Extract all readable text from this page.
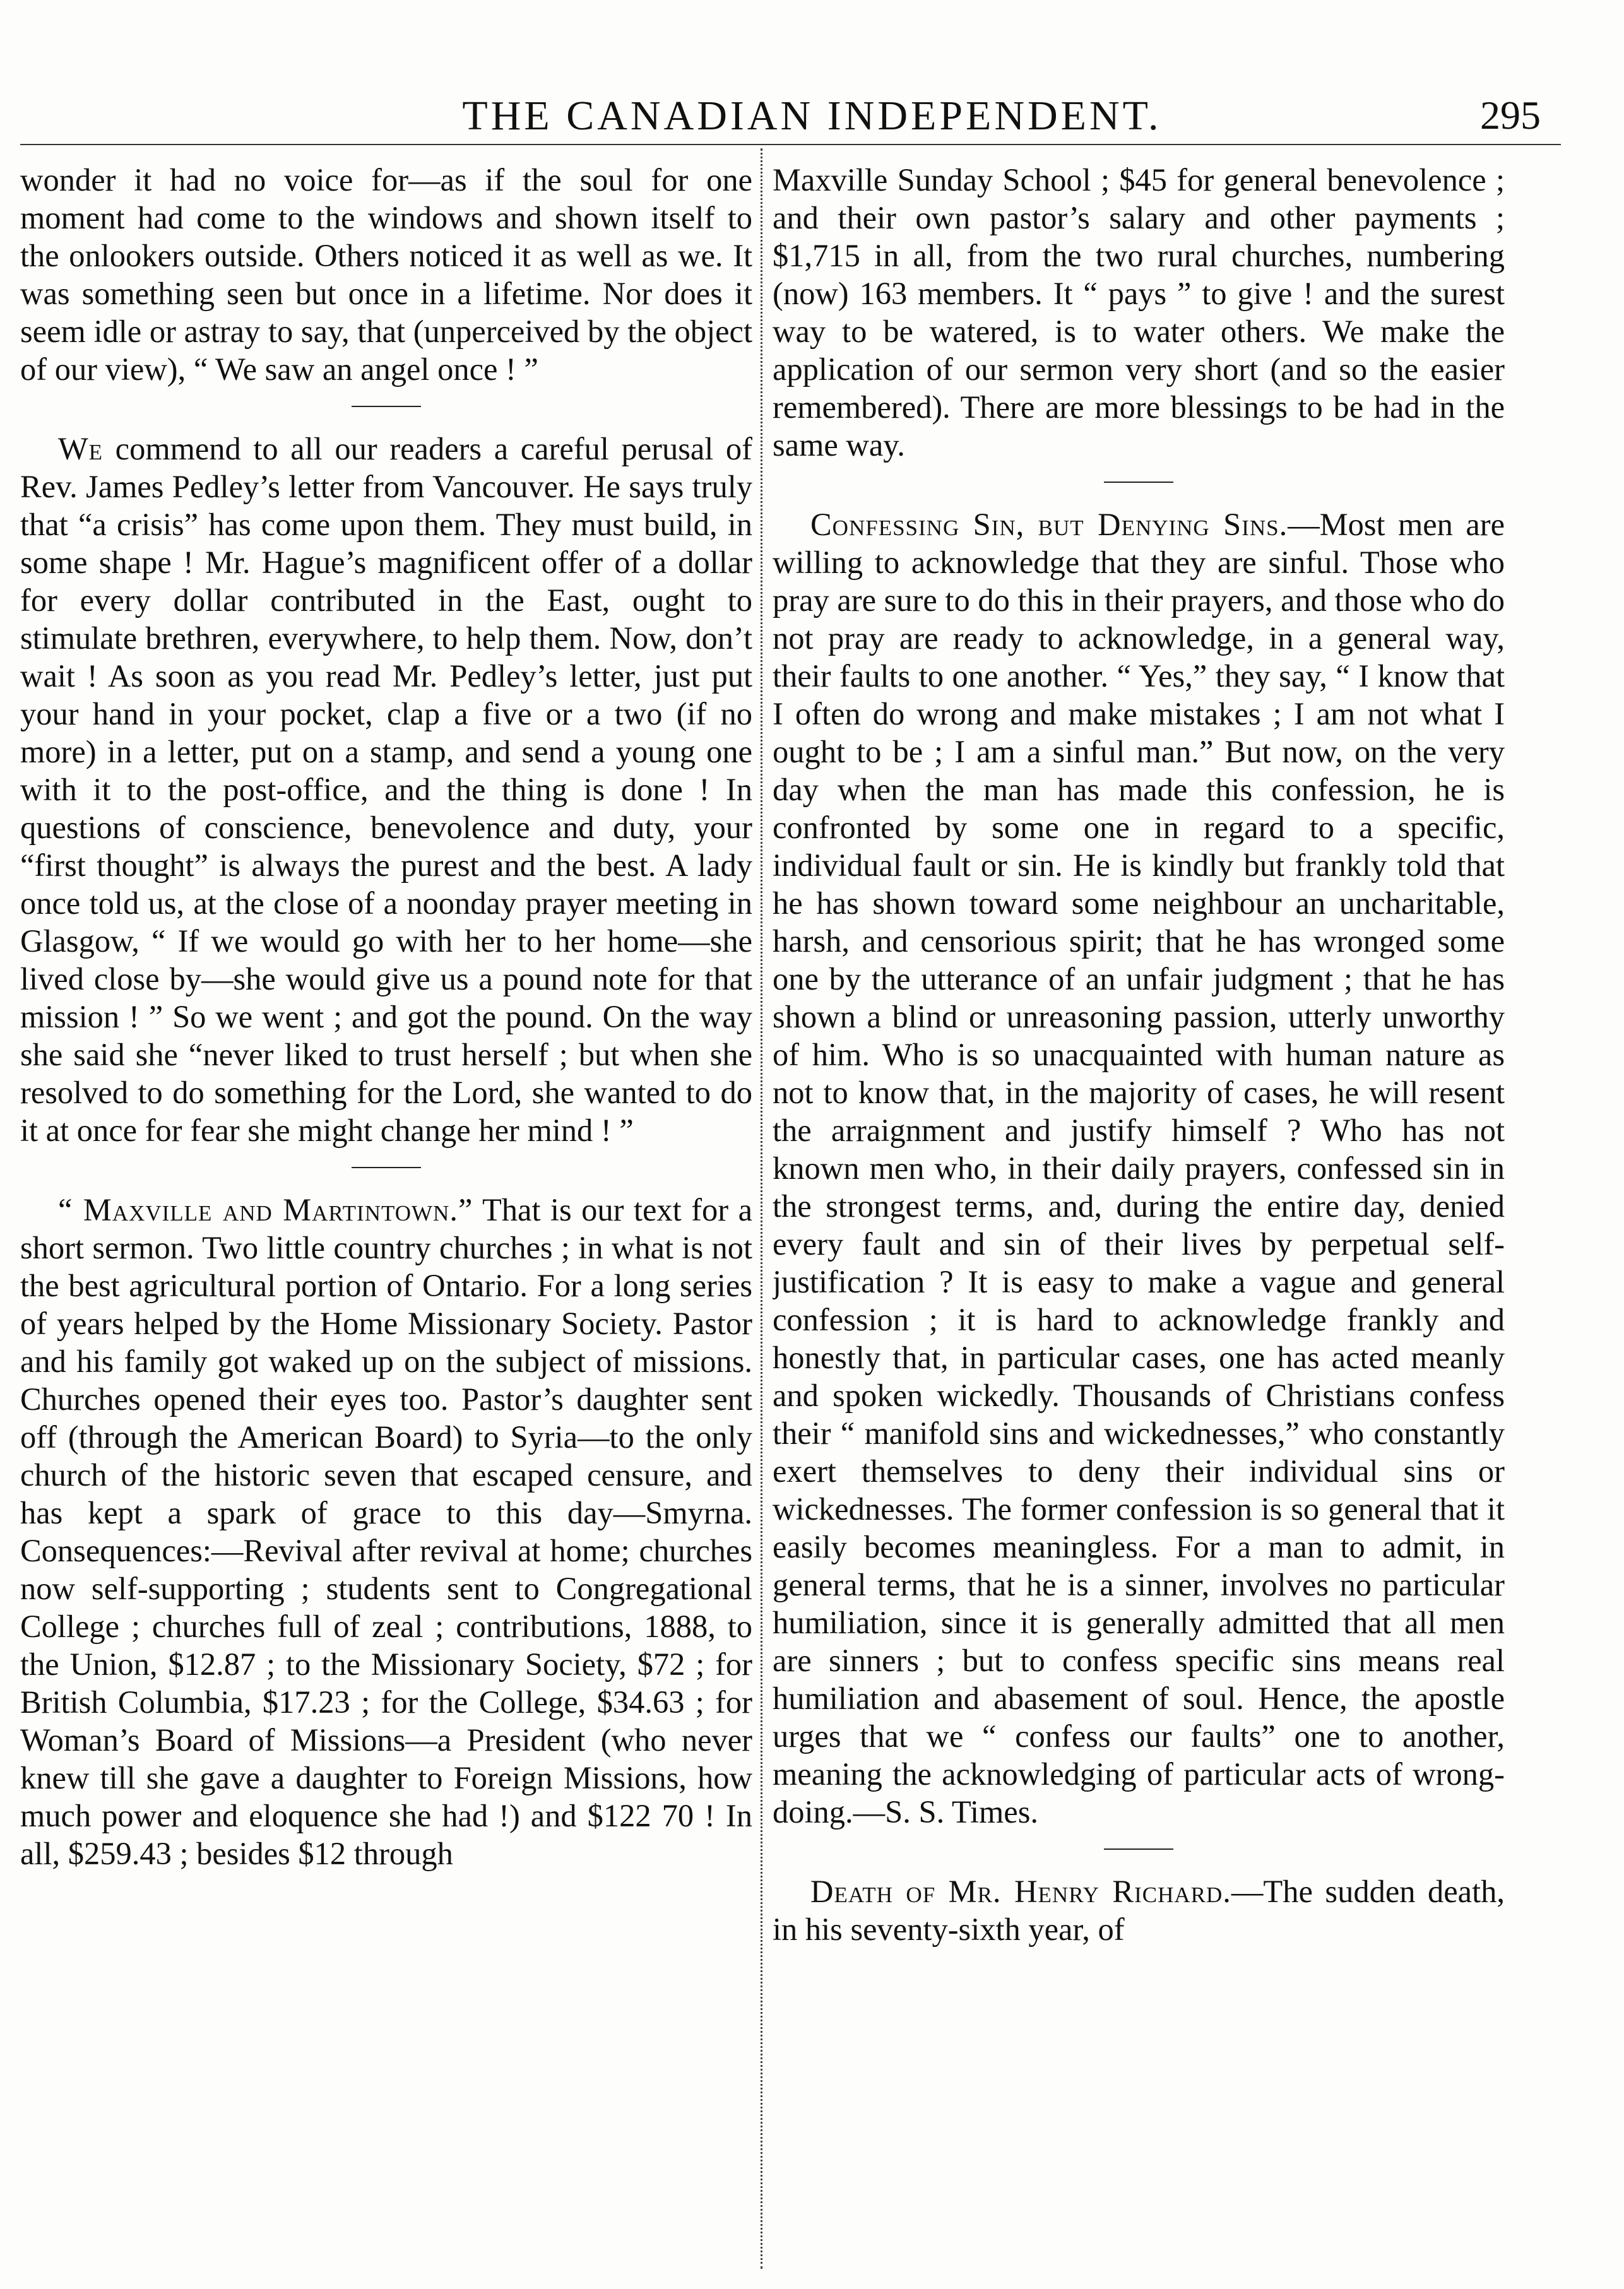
THE CANADIAN INDEPENDENT.	295

wonder it had no voice for—as if the soul for one moment had come to the windows and shown itself to the onlookers outside. Others noticed it as well as we. It was something seen but once in a lifetime. Nor does it seem idle or astray to say, that (unperceived by the object of our view), “ We saw an angel once ! ”

We commend to all our readers a careful perusal of Rev. James Pedley’s letter from Vancouver. He says truly that “a crisis” has come upon them. They must build, in some shape ! Mr. Hague’s magnificent offer of a dollar for every dollar contributed in the East, ought to stimulate brethren, everywhere, to help them. Now, don’t wait ! As soon as you read Mr. Pedley’s letter, just put your hand in your pocket, clap a five or a two (if no more) in a letter, put on a stamp, and send a young one with it to the post-office, and the thing is done ! In questions of conscience, benevolence and duty, your “first thought” is always the purest and the best. A lady once told us, at the close of a noonday prayer meeting in Glasgow, “ If we would go with her to her home—she lived close by—she would give us a pound note for that mission ! ” So we went ; and got the pound. On the way she said she “never liked to trust herself ; but when she resolved to do something for the Lord, she wanted to do it at once for fear she might change her mind ! ”

“ Maxville and Martintown.” That is our text for a short sermon. Two little country churches ; in what is not the best agricultural portion of Ontario. For a long series of years helped by the Home Missionary Society. Pastor and his family got waked up on the subject of missions. Churches opened their eyes too. Pastor’s daughter sent off (through the American Board) to Syria—to the only church of the historic seven that escaped censure, and has kept a spark of grace to this day—Smyrna. Consequences:—Revival after revival at home; churches now self-supporting ; students sent to Congregational College ; churches full of zeal ; contributions, 1888, to the Union, $12.87 ; to the Missionary Society, $72 ; for British Columbia, $17.23 ; for the College, $34.63 ; for Woman’s Board of Missions—a President (who never knew till she gave a daughter to Foreign Missions, how much power and eloquence she had !) and $122 70 ! In all, $259.43 ; besides $12 through

Maxville Sunday School ; $45 for general benevolence ; and their own pastor’s salary and other payments ; $1,715 in all, from the two rural churches, numbering (now) 163 members. It “ pays ” to give ! and the surest way to be watered, is to water others. We make the application of our sermon very short (and so the easier remembered). There are more blessings to be had in the same way.

Confessing Sin, but Denying Sins.—Most men are willing to acknowledge that they are sinful. Those who pray are sure to do this in their prayers, and those who do not pray are ready to acknowledge, in a general way, their faults to one another. “ Yes,” they say, “ I know that I often do wrong and make mistakes ; I am not what I ought to be ; I am a sinful man.” But now, on the very day when the man has made this confession, he is confronted by some one in regard to a specific, individual fault or sin. He is kindly but frankly told that he has shown toward some neighbour an uncharitable, harsh, and censorious spirit; that he has wronged some one by the utterance of an unfair judgment ; that he has shown a blind or unreasoning passion, utterly unworthy of him. Who is so unacquainted with human nature as not to know that, in the majority of cases, he will resent the arraignment and justify himself ? Who has not known men who, in their daily prayers, confessed sin in the strongest terms, and, during the entire day, denied every fault and sin of their lives by perpetual self-justification ? It is easy to make a vague and general confession ; it is hard to acknowledge frankly and honestly that, in particular cases, one has acted meanly and spoken wickedly. Thousands of Christians confess their “ manifold sins and wickednesses,” who constantly exert themselves to deny their individual sins or wickednesses. The former confession is so general that it easily becomes meaningless. For a man to admit, in general terms, that he is a sinner, involves no particular humiliation, since it is generally admitted that all men are sinners ; but to confess specific sins means real humiliation and abasement of soul. Hence, the apostle urges that we “ confess our faults” one to another, meaning the acknowledging of particular acts of wrong-doing.—S. S. Times.

Death of Mr. Henry Richard.—The sudden death, in his seventy-sixth year, of
